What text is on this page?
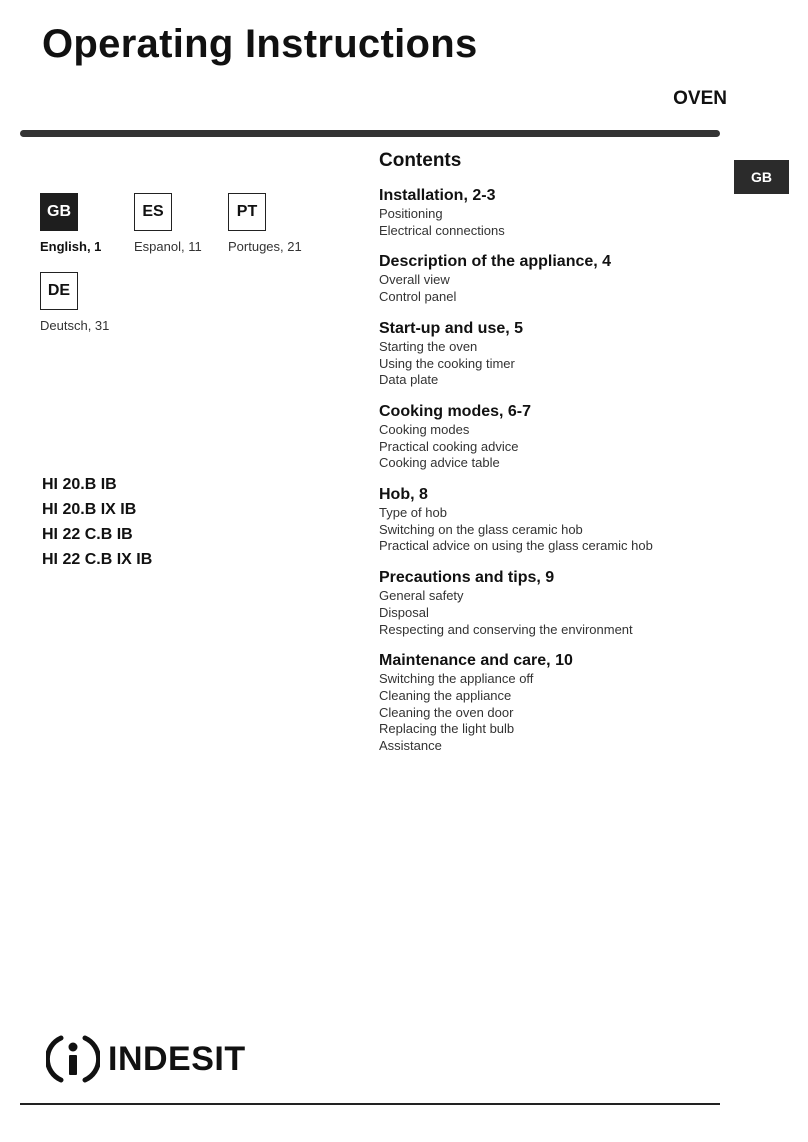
Operating Instructions
OVEN
GB
GB
English, 1
ES
Espanol, 11
PT
Portuges, 21
DE
Deutsch, 31
HI 20.B IB
HI 20.B IX IB
HI 22 C.B IB
HI 22 C.B IX IB
Contents
Installation, 2-3
Positioning
Electrical connections
Description of the appliance, 4
Overall view
Control panel
Start-up and use, 5
Starting the oven
Using the cooking timer
Data plate
Cooking modes, 6-7
Cooking modes
Practical cooking advice
Cooking advice table
Hob, 8
Type of hob
Switching on the glass ceramic hob
Practical advice on using the glass ceramic hob
Precautions and tips, 9
General safety
Disposal
Respecting and conserving the environment
Maintenance and care, 10
Switching the appliance off
Cleaning the appliance
Cleaning the oven door
Replacing the light bulb
Assistance
INDESIT
